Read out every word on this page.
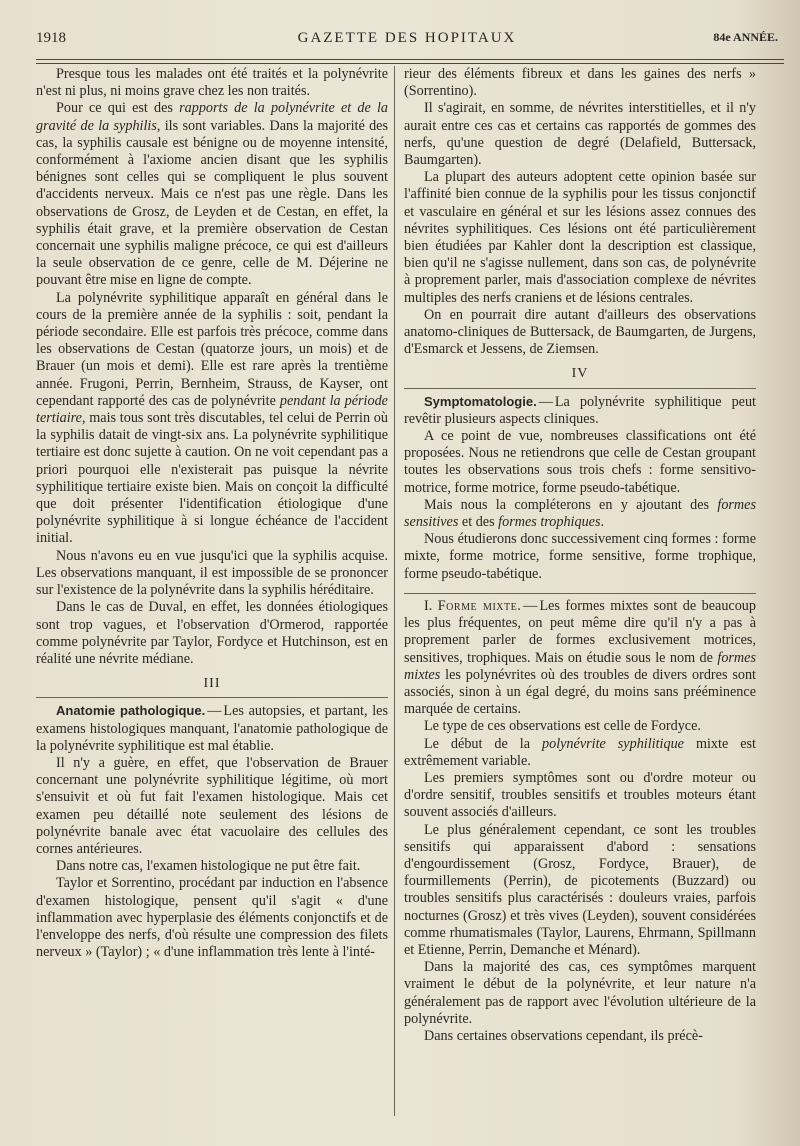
1918	GAZETTE DES HOPITAUX	84e ANNÉE.

Presque tous les malades ont été traités et la polynévrite n'est ni plus, ni moins grave chez les non traités.

Pour ce qui est des rapports de la polynévrite et de la gravité de la syphilis, ils sont variables. Dans la majorité des cas, la syphilis causale est bénigne ou de moyenne intensité, conformément à l'axiome ancien disant que les syphilis bénignes sont celles qui se compliquent le plus souvent d'accidents nerveux. Mais ce n'est pas une règle. Dans les observations de Grosz, de Leyden et de Cestan, en effet, la syphilis était grave, et la première observation de Cestan concernait une syphilis maligne précoce, ce qui est d'ailleurs la seule observation de ce genre, celle de M. Déjerine ne pouvant être mise en ligne de compte.

La polynévrite syphilitique apparaît en général dans le cours de la première année de la syphilis : soit, pendant la période secondaire. Elle est parfois très précoce, comme dans les observations de Cestan (quatorze jours, un mois) et de Brauer (un mois et demi). Elle est rare après la trentième année. Frugoni, Perrin, Bernheim, Strauss, de Kayser, ont cependant rapporté des cas de polynévrite pendant la période tertiaire, mais tous sont très discutables, tel celui de Perrin où la syphilis datait de vingt-six ans. La polynévrite syphilitique tertiaire est donc sujette à caution. On ne voit cependant pas a priori pourquoi elle n'existerait pas puisque la névrite syphilitique tertiaire existe bien. Mais on conçoit la difficulté que doit présenter l'identification étiologique d'une polynévrite syphilitique à si longue échéance de l'accident initial.

Nous n'avons eu en vue jusqu'ici que la syphilis acquise. Les observations manquant, il est impossible de se prononcer sur l'existence de la polynévrite dans la syphilis héréditaire.

Dans le cas de Duval, en effet, les données étiologiques sont trop vagues, et l'observation d'Ormerod, rapportée comme polynévrite par Taylor, Fordyce et Hutchinson, est en réalité une névrite médiane.

III

Anatomie pathologique. — Les autopsies, et partant, les examens histologiques manquant, l'anatomie pathologique de la polynévrite syphilitique est mal établie.

Il n'y a guère, en effet, que l'observation de Brauer concernant une polynévrite syphilitique légitime, où mort s'ensuivit et où fut fait l'examen histologique. Mais cet examen peu détaillé note seulement des lésions de polynévrite banale avec état vacuolaire des cellules des cornes antérieures.

Dans notre cas, l'examen histologique ne put être fait.

Taylor et Sorrentino, procédant par induction en l'absence d'examen histologique, pensent qu'il s'agit « d'une inflammation avec hyperplasie des éléments conjonctifs et de l'enveloppe des nerfs, d'où résulte une compression des filets nerveux » (Taylor) ; « d'une inflammation très lente à l'inté-

rieur des éléments fibreux et dans les gaines des nerfs » (Sorrentino).

Il s'agirait, en somme, de névrites interstitielles, et il n'y aurait entre ces cas et certains cas rapportés de gommes des nerfs, qu'une question de degré (Delafield, Buttersack, Baumgarten).

La plupart des auteurs adoptent cette opinion basée sur l'affinité bien connue de la syphilis pour les tissus conjonctif et vasculaire en général et sur les lésions assez connues des névrites syphilitiques. Ces lésions ont été particulièrement bien étudiées par Kahler dont la description est classique, bien qu'il ne s'agisse nullement, dans son cas, de polynévrite à proprement parler, mais d'association complexe de névrites multiples des nerfs craniens et de lésions centrales.

On en pourrait dire autant d'ailleurs des observations anatomo-cliniques de Buttersack, de Baumgarten, de Jurgens, d'Esmarck et Jessens, de Ziemsen.

IV

Symptomatologie. — La polynévrite syphilitique peut revêtir plusieurs aspects cliniques.

A ce point de vue, nombreuses classifications ont été proposées. Nous ne retiendrons que celle de Cestan groupant toutes les observations sous trois chefs : forme sensitivo-motrice, forme motrice, forme pseudo-tabétique.

Mais nous la compléterons en y ajoutant des formes sensitives et des formes trophiques.

Nous étudierons donc successivement cinq formes : forme mixte, forme motrice, forme sensitive, forme trophique, forme pseudo-tabétique.

I. Forme mixte. — Les formes mixtes sont de beaucoup les plus fréquentes, on peut même dire qu'il n'y a pas à proprement parler de formes exclusivement motrices, sensitives, trophiques. Mais on étudie sous le nom de formes mixtes les polynévrites où des troubles de divers ordres sont associés, sinon à un égal degré, du moins sans prééminence marquée de certains.

Le type de ces observations est celle de Fordyce.

Le début de la polynévrite syphilitique mixte est extrêmement variable.

Les premiers symptômes sont ou d'ordre moteur ou d'ordre sensitif, troubles sensitifs et troubles moteurs étant souvent associés d'ailleurs.

Le plus généralement cependant, ce sont les troubles sensitifs qui apparaissent d'abord : sensations d'engourdissement (Grosz, Fordyce, Brauer), de fourmillements (Perrin), de picotements (Buzzard) ou troubles sensitifs plus caractérisés : douleurs vraies, parfois nocturnes (Grosz) et très vives (Leyden), souvent considérées comme rhumatismales (Taylor, Laurens, Ehrmann, Spillmann et Etienne, Perrin, Demanche et Ménard).

Dans la majorité des cas, ces symptômes marquent vraiment le début de la polynévrite, et leur nature n'a généralement pas de rapport avec l'évolution ultérieure de la polynévrite.

Dans certaines observations cependant, ils précè-
